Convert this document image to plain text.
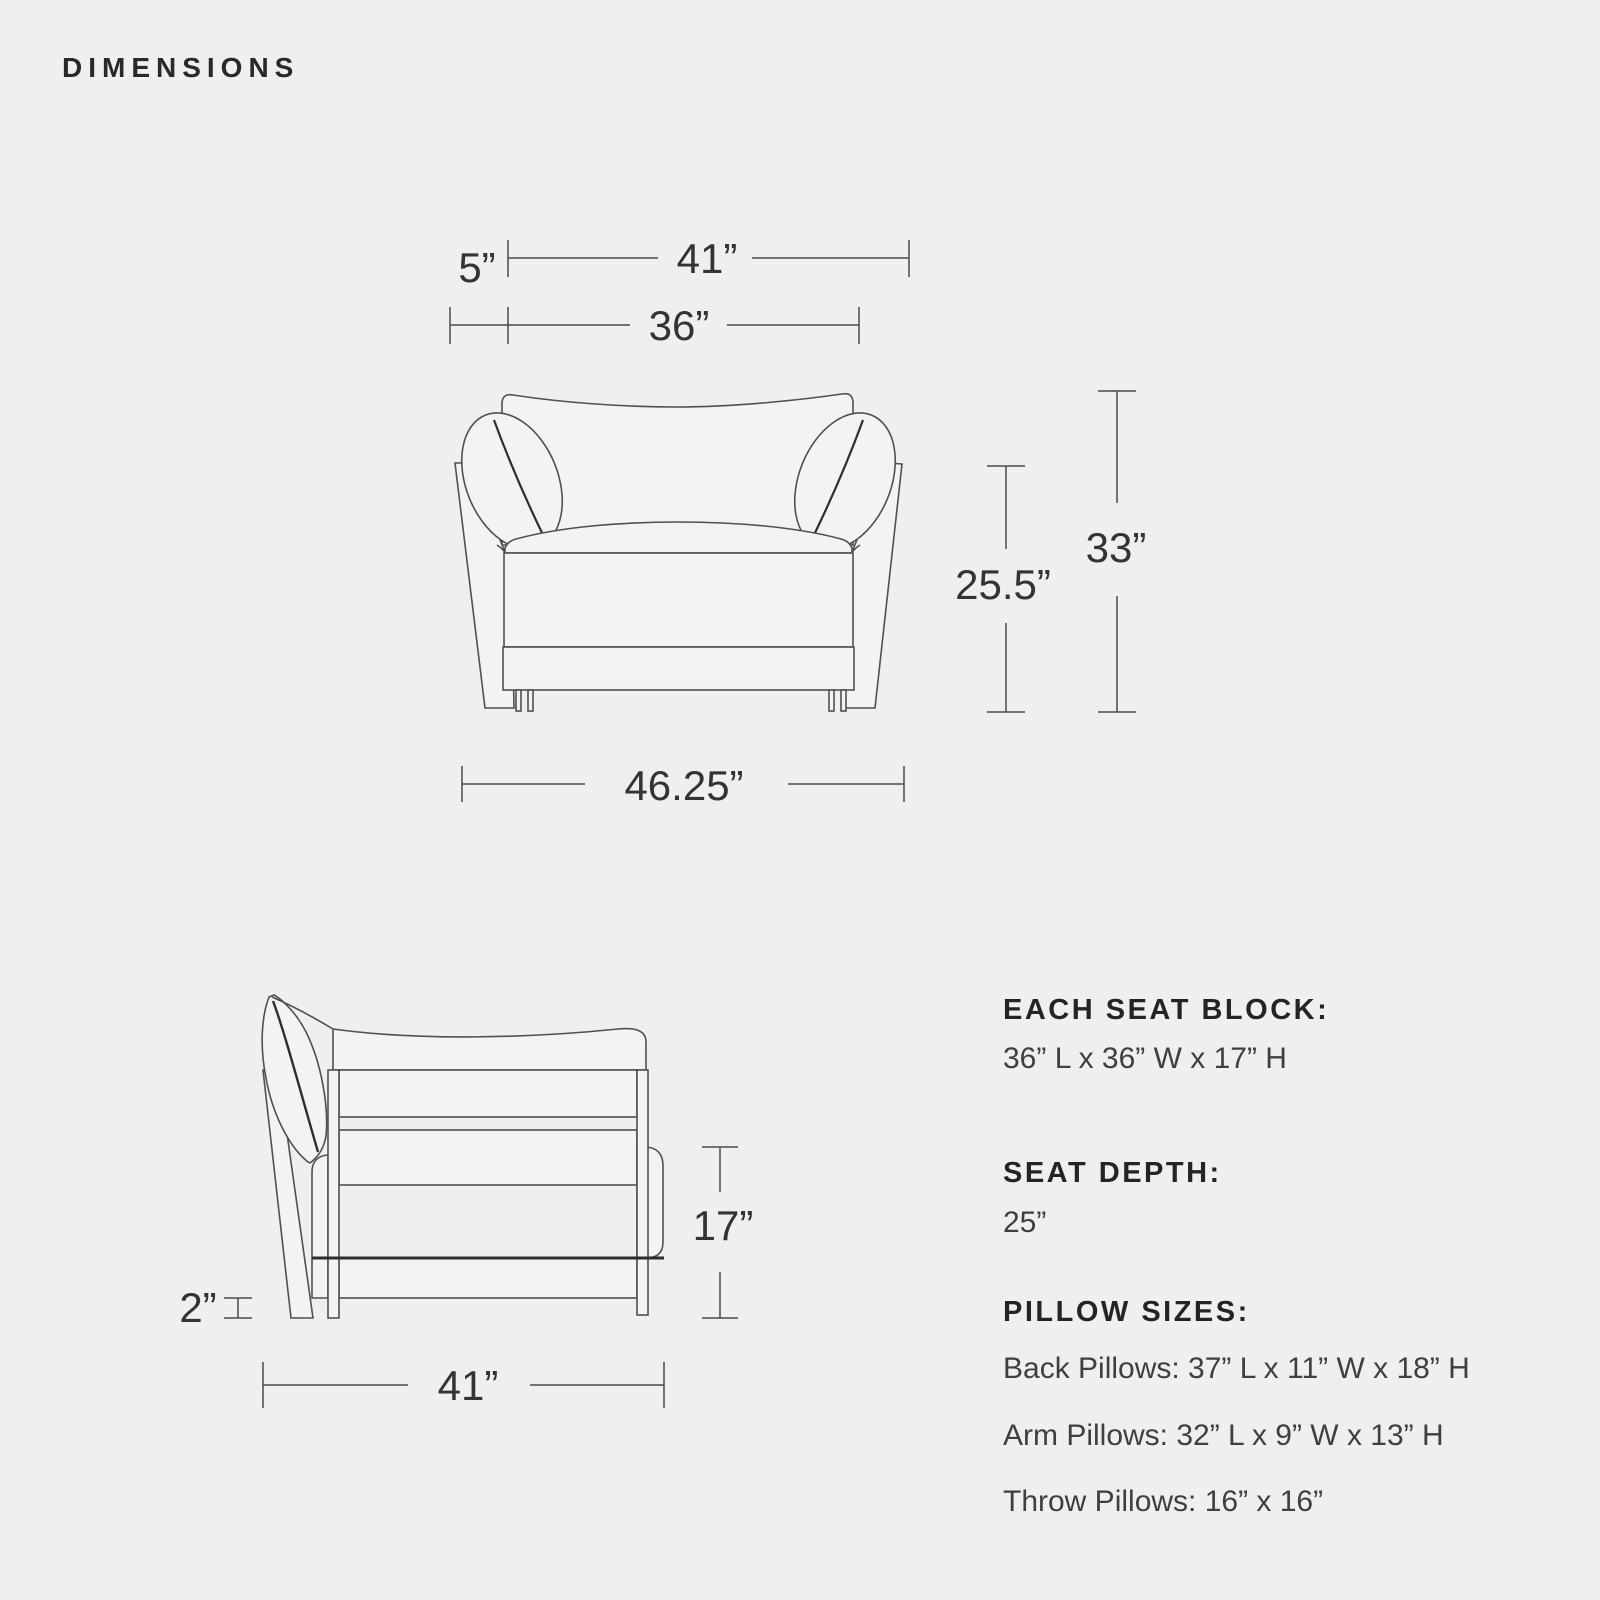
DIMENSIONS
5”	41”
36”
25.5”
33”
46.25”
17”
2”
41”
EACH SEAT BLOCK:
36” L x 36” W x 17” H
SEAT DEPTH:
25”
PILLOW SIZES:
Back Pillows: 37” L x 11” W x 18” H
Arm Pillows: 32” L x 9” W x 13” H
Throw Pillows: 16” x 16”
